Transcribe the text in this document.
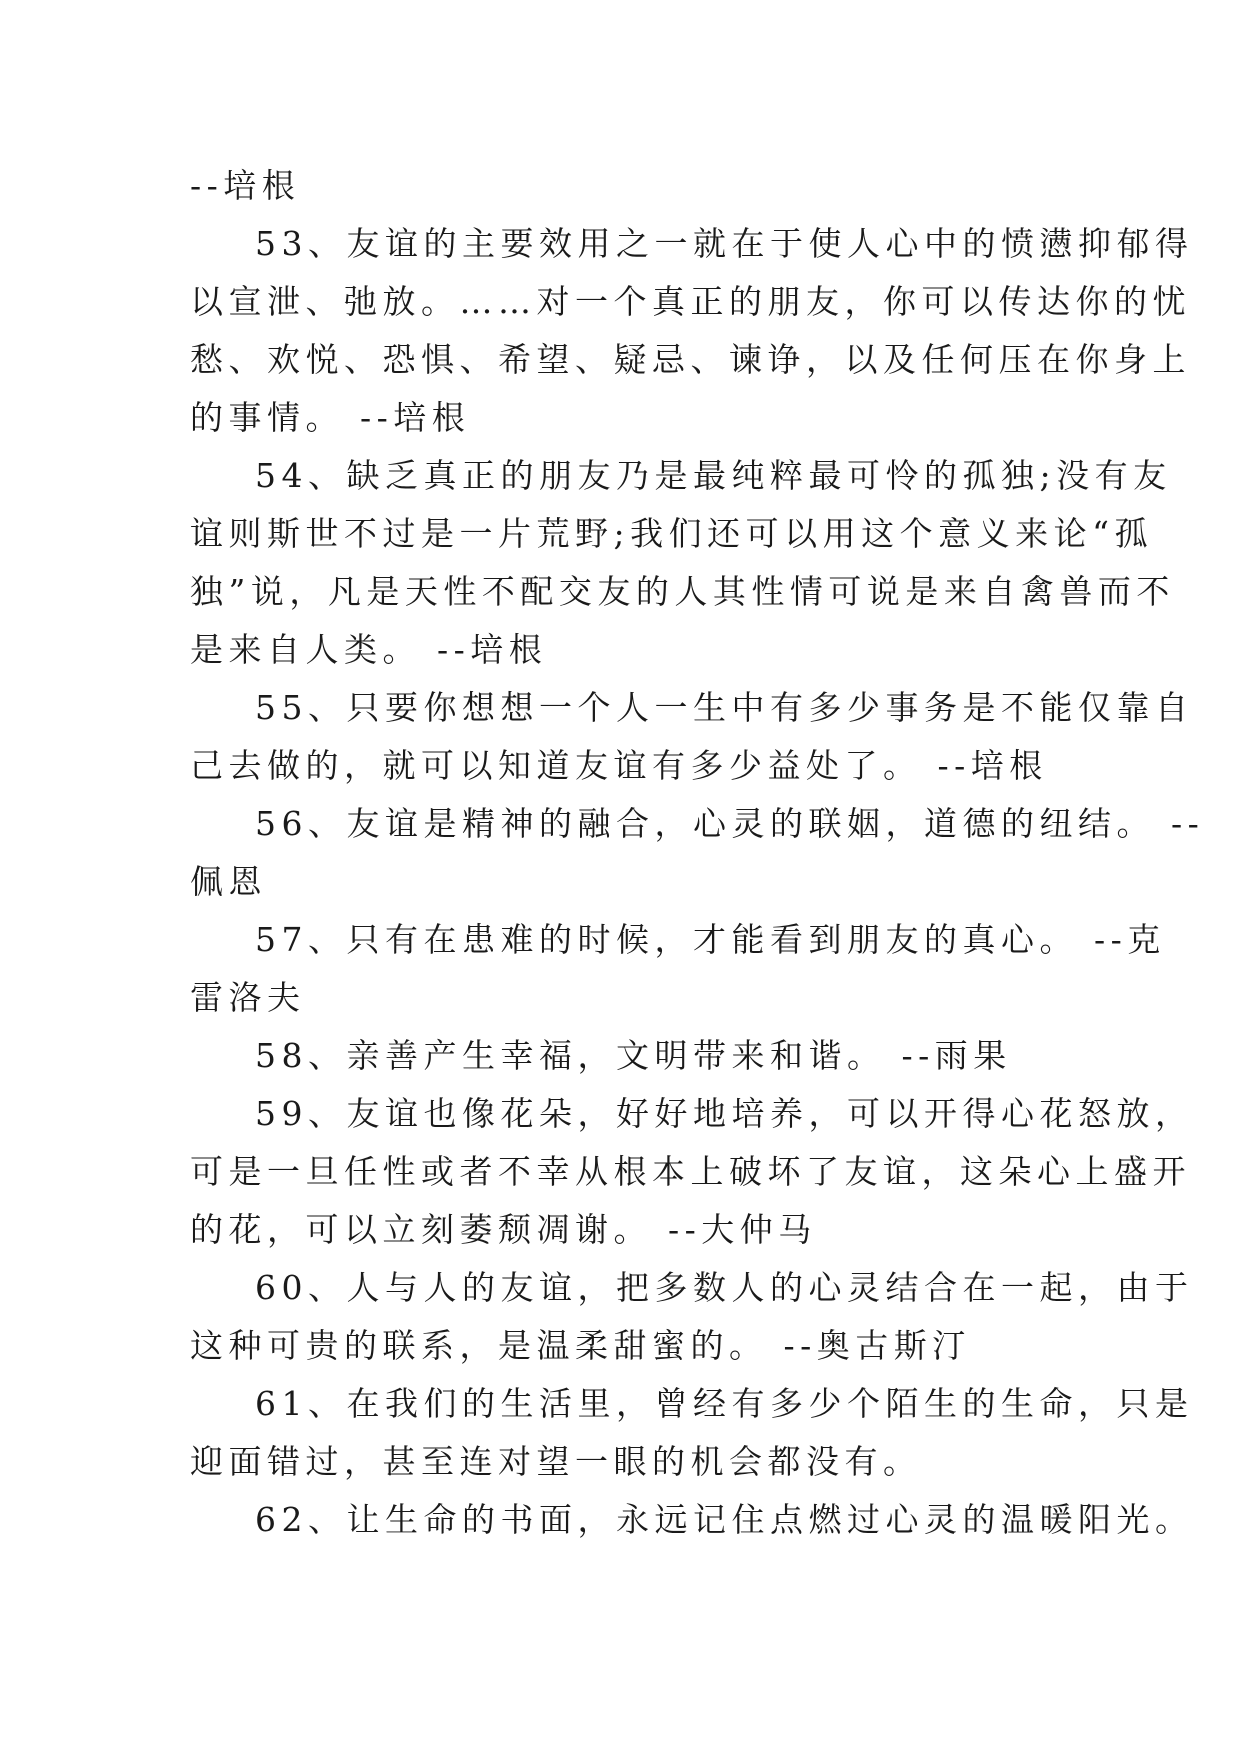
--培根
53、友谊的主要效用之一就在于使人心中的愤懑抑郁得
以宣泄、弛放。……对一个真正的朋友，你可以传达你的忧
愁、欢悦、恐惧、希望、疑忌、谏诤，以及任何压在你身上
的事情。 --培根
54、缺乏真正的朋友乃是最纯粹最可怜的孤独;没有友
谊则斯世不过是一片荒野;我们还可以用这个意义来论“孤
独”说，凡是天性不配交友的人其性情可说是来自禽兽而不
是来自人类。 --培根
55、只要你想想一个人一生中有多少事务是不能仅靠自
己去做的，就可以知道友谊有多少益处了。 --培根
56、友谊是精神的融合，心灵的联姻，道德的纽结。 --
佩恩
57、只有在患难的时候，才能看到朋友的真心。 --克
雷洛夫
58、亲善产生幸福，文明带来和谐。 --雨果
59、友谊也像花朵，好好地培养，可以开得心花怒放，
可是一旦任性或者不幸从根本上破坏了友谊，这朵心上盛开
的花，可以立刻萎颓凋谢。 --大仲马
60、人与人的友谊，把多数人的心灵结合在一起，由于
这种可贵的联系，是温柔甜蜜的。 --奥古斯汀
61、在我们的生活里，曾经有多少个陌生的生命，只是
迎面错过，甚至连对望一眼的机会都没有。
62、让生命的书面，永远记住点燃过心灵的温暖阳光。
